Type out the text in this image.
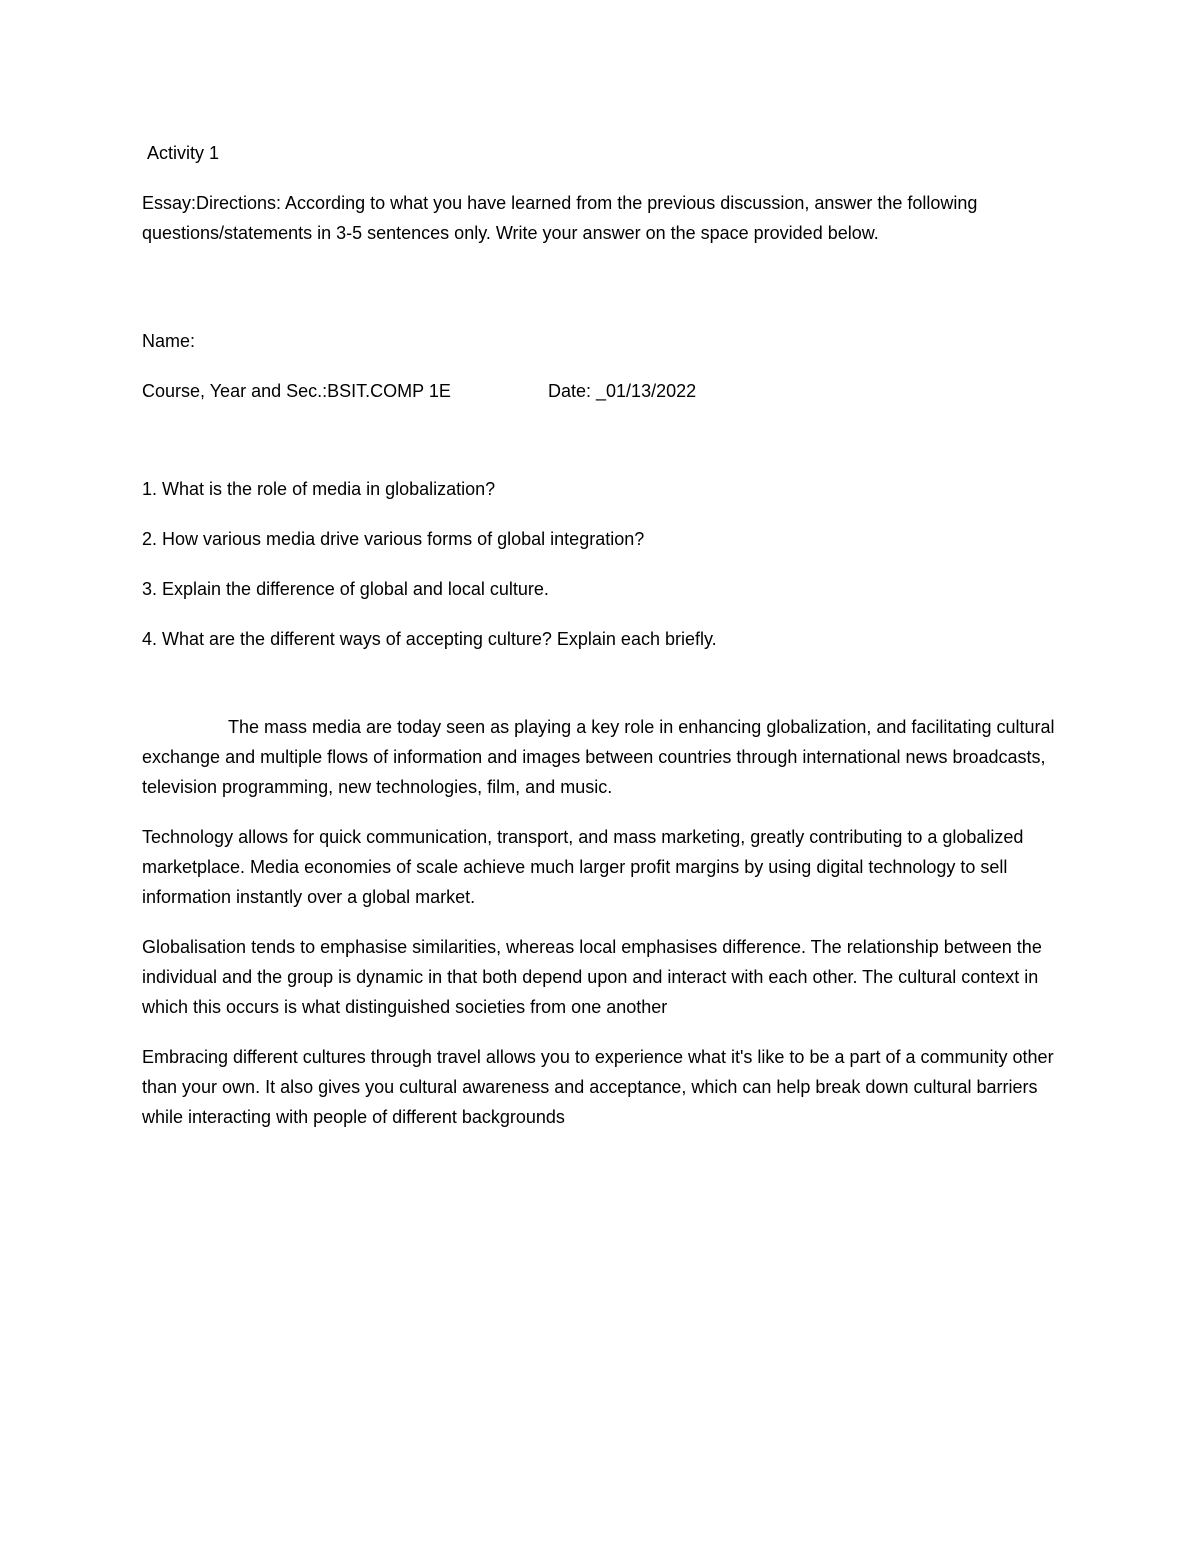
Activity 1
Essay:Directions: According to what you have learned from the previous discussion, answer the following questions/statements in 3-5 sentences only. Write your answer on the space provided below.
Name:
Course, Year and Sec.:BSIT.COMP 1E	Date: _01/13/2022
1. What is the role of media in globalization?
2. How various media drive various forms of global integration?
3. Explain the difference of global and local culture.
4. What are the different ways of accepting culture? Explain each briefly.
The mass media are today seen as playing a key role in enhancing globalization, and facilitating cultural exchange and multiple flows of information and images between countries through international news broadcasts, television programming, new technologies, film, and music.
Technology allows for quick communication, transport, and mass marketing, greatly contributing to a globalized marketplace. Media economies of scale achieve much larger profit margins by using digital technology to sell information instantly over a global market.
Globalisation tends to emphasise similarities, whereas local emphasises difference. The relationship between the individual and the group is dynamic in that both depend upon and interact with each other. The cultural context in which this occurs is what distinguished societies from one another
Embracing different cultures through travel allows you to experience what it's like to be a part of a community other than your own. It also gives you cultural awareness and acceptance, which can help break down cultural barriers while interacting with people of different backgrounds
